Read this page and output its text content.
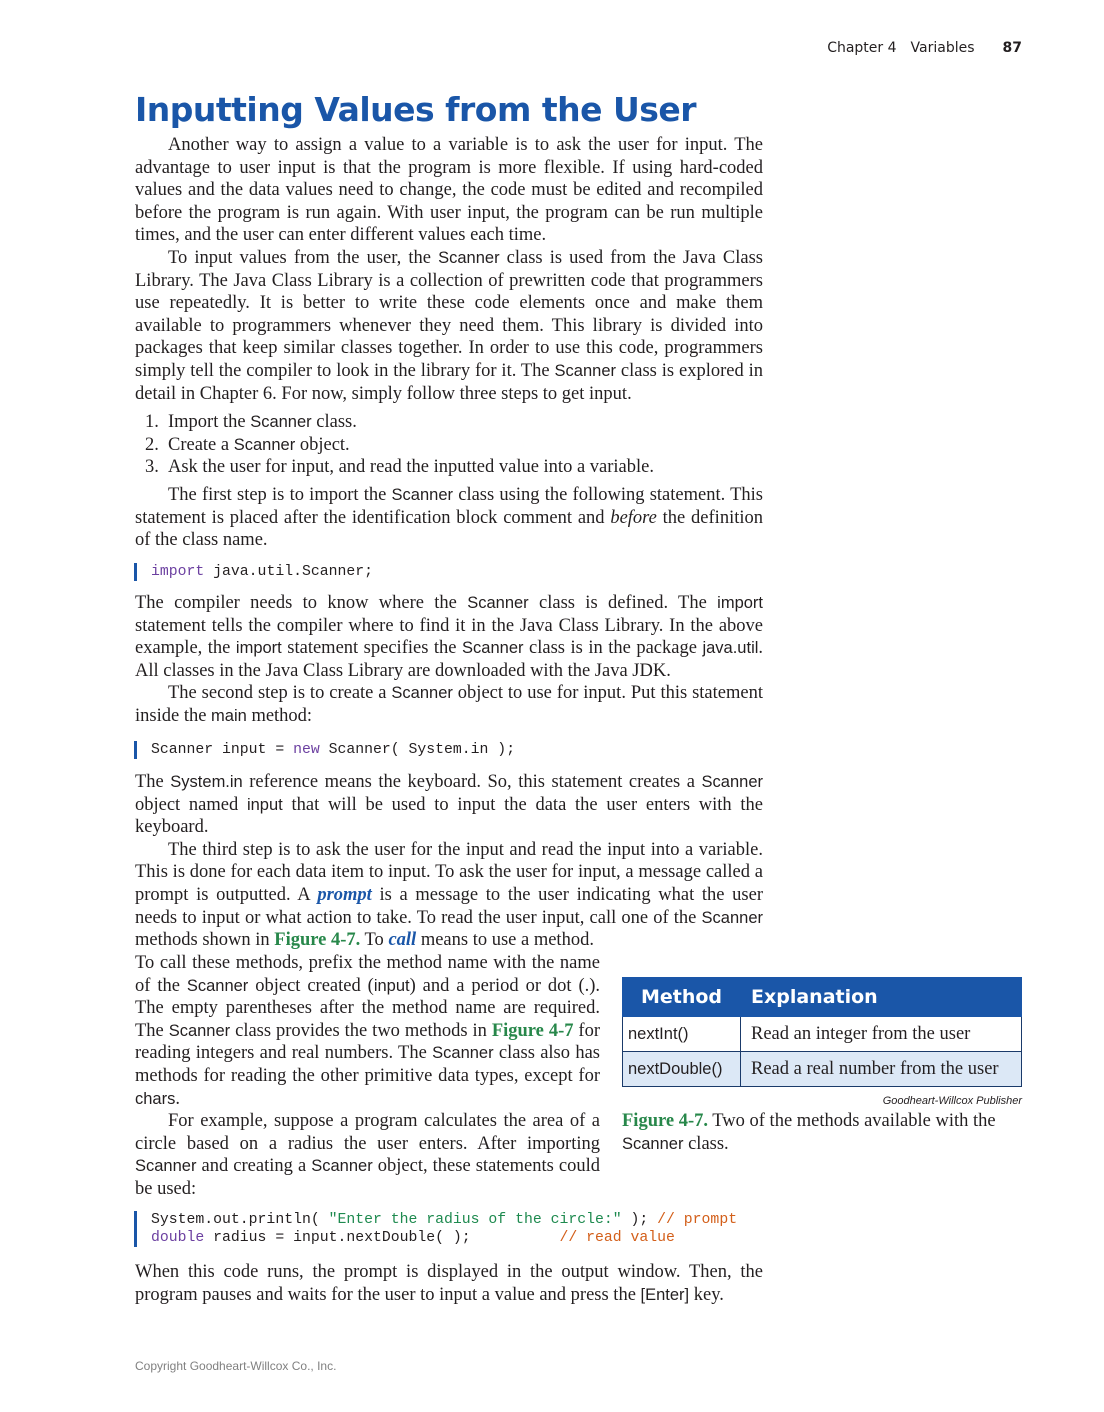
Chapter 4 Variables 87
Inputting Values from the User

Another way to assign a value to a variable is to ask the user for input. The advantage to user input is that the program is more flexible. If using hard-coded values and the data values need to change, the code must be edited and recompiled before the program is run again. With user input, the program can be run multiple times, and the user can enter different values each time.

To input values from the user, the Scanner class is used from the Java Class Library. The Java Class Library is a collection of prewritten code that programmers use repeatedly. It is better to write these code elements once and make them available to programmers whenever they need them. This library is divided into packages that keep similar classes together. In order to use this code, programmers simply tell the compiler to look in the library for it. The Scanner class is explored in detail in Chapter 6. For now, simply follow three steps to get input.

1. Import the Scanner class.
2. Create a Scanner object.
3. Ask the user for input, and read the inputted value into a variable.

The first step is to import the Scanner class using the following statement. This statement is placed after the identification block comment and before the definition of the class name.

import java.util.Scanner;

The compiler needs to know where the Scanner class is defined. The import statement tells the compiler where to find it in the Java Class Library. In the above example, the import statement specifies the Scanner class is in the package java.util. All classes in the Java Class Library are downloaded with the Java JDK.

The second step is to create a Scanner object to use for input. Put this statement inside the main method:

Scanner input = new Scanner( System.in );

The System.in reference means the keyboard. So, this statement creates a Scanner object named input that will be used to input the data the user enters with the keyboard.

The third step is to ask the user for the input and read the input into a variable. This is done for each data item to input. To ask the user for input, a message called a prompt is outputted. A prompt is a message to the user indicating what the user needs to input or what action to take. To read the user input, call one of the Scanner methods shown in Figure 4-7. To call means to use a method.

To call these methods, prefix the method name with the name of the Scanner object created (input) and a period or dot (.). The empty parentheses after the method name are required. The Scanner class provides the two methods in Figure 4-7 for reading integers and real numbers. The Scanner class also has methods for reading the other primitive data types, except for chars.

For example, suppose a program calculates the area of a circle based on a radius the user enters. After importing Scanner and creating a Scanner object, these statements could be used:

Method	Explanation
nextInt()	Read an integer from the user
nextDouble()	Read a real number from the user
Goodheart-Willcox Publisher
Figure 4-7. Two of the methods available with the Scanner class.
System.out.println( "Enter the radius of the circle:" ); // prompt
double radius = input.nextDouble( );          // read value

When this code runs, the prompt is displayed in the output window. Then, the program pauses and waits for the user to input a value and press the [Enter] key.

Copyright Goodheart-Willcox Co., Inc.
